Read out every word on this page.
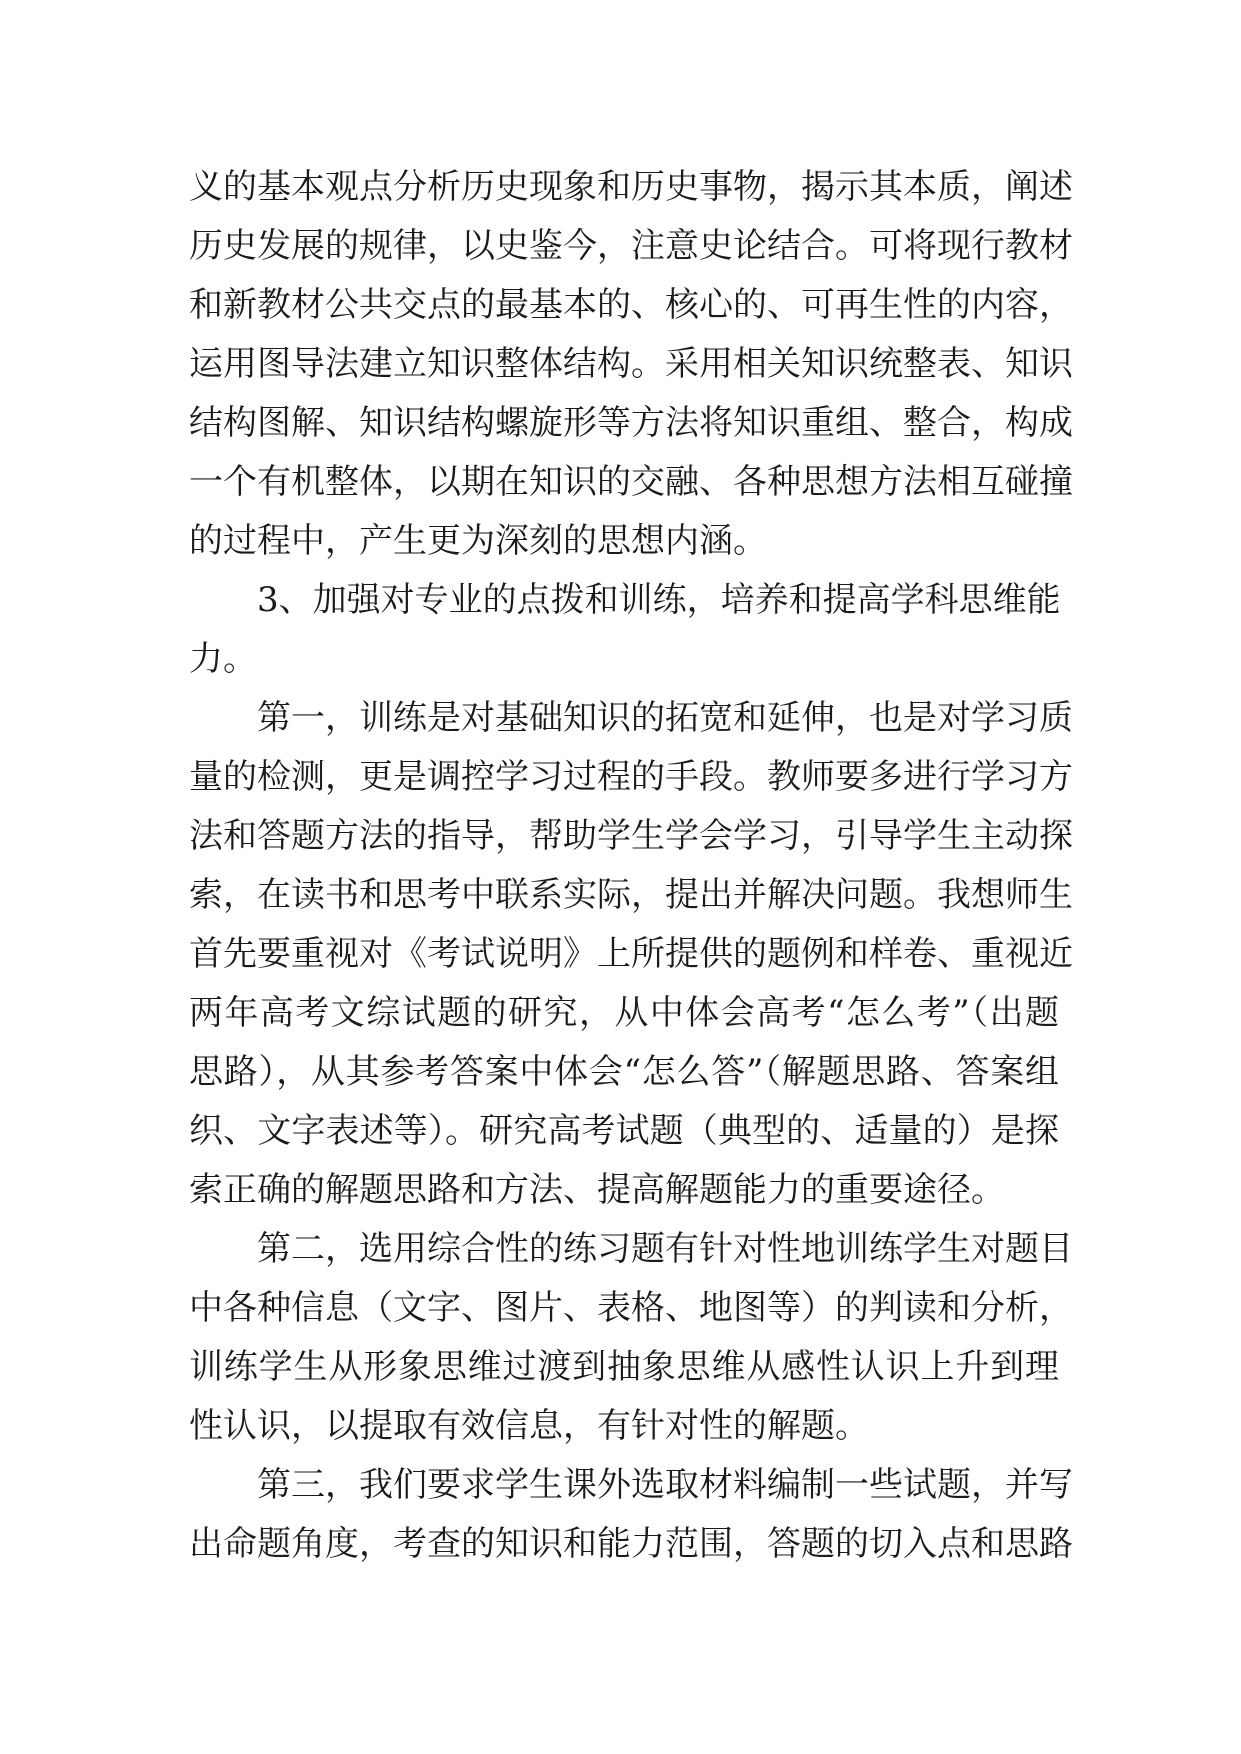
义的基本观点分析历史现象和历史事物，揭示其本质，阐述
历史发展的规律，以史鉴今，注意史论结合。可将现行教材
和新教材公共交点的最基本的、核心的、可再生性的内容，
运用图导法建立知识整体结构。采用相关知识统整表、知识
结构图解、知识结构螺旋形等方法将知识重组、整合，构成
一个有机整体，以期在知识的交融、各种思想方法相互碰撞
的过程中，产生更为深刻的思想内涵。
3、加强对专业的点拨和训练，培养和提高学科思维能
力。
第一，训练是对基础知识的拓宽和延伸，也是对学习质
量的检测，更是调控学习过程的手段。教师要多进行学习方
法和答题方法的指导，帮助学生学会学习，引导学生主动探
索，在读书和思考中联系实际，提出并解决问题。我想师生
首先要重视对《考试说明》上所提供的题例和样卷、重视近
两年高考文综试题的研究，从中体会高考“怎么考”（出题
思路），从其参考答案中体会“怎么答”（解题思路、答案组
织、文字表述等）。研究高考试题（典型的、适量的）是探
索正确的解题思路和方法、提高解题能力的重要途径。
第二，选用综合性的练习题有针对性地训练学生对题目
中各种信息（文字、图片、表格、地图等）的判读和分析，
训练学生从形象思维过渡到抽象思维从感性认识上升到理
性认识，以提取有效信息，有针对性的解题。
第三，我们要求学生课外选取材料编制一些试题，并写
出命题角度，考查的知识和能力范围，答题的切入点和思路
